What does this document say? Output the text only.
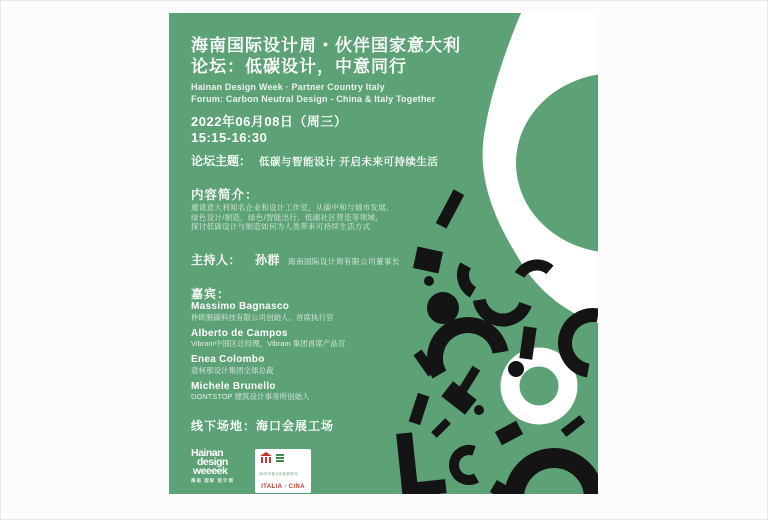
海南国际设计周・伙伴国家意大利
论坛：低碳设计，中意同行
Hainan Design Week · Partner Country Italy
Forum: Carbon Neutral Design - China & Italy Together
2022年06月08日（周三）
15:15-16:30
论坛主题： 低碳与智能设计 开启未来可持续生活
内容简介：
邀请意大利知名企业和设计工作室，从碳中和与城市发展、
绿色设计/制造，绿色/智能出行，低碳社区营造等领域，
探讨低碳设计与制造如何为人类带来可持续生活方式
主持人： 孙群 海南国际设计周有限公司董事长
嘉宾：
Massimo Bagnasco
仲欧脱碳科技有限公司创始人、首席执行官
Alberto de Campos
Vibram中国区总经理，Vibram 集团首席产品官
Enea Colombo
意柯那设计集团全球总裁
Michele Brunello
DONTSTOP 建筑设计事务所创始人
线下场地：海口会展工场
Hainan
design
weeeek
海南 国际 设计周
2022中意文化和旅游年
ITALIA - CINA
